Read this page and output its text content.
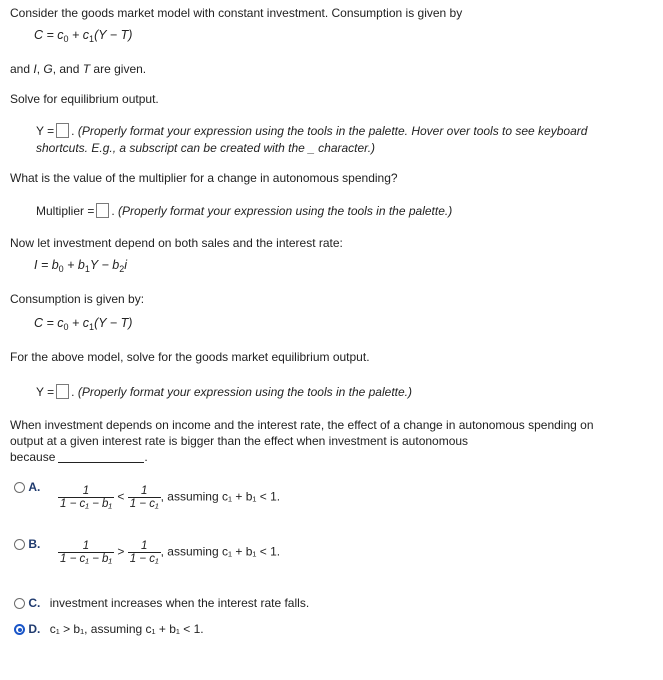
Consider the goods market model with constant investment. Consumption is given by
$C = c_0 + c_1(Y - T)$
and I, G, and T are given.
Solve for equilibrium output.
Y = . (Properly format your expression using the tools in the palette. Hover over tools to see keyboard
shortcuts. E.g., a subscript can be created with the _ character.)
What is the value of the multiplier for a change in autonomous spending?
Multiplier = . (Properly format your expression using the tools in the palette.)
Now let investment depend on both sales and the interest rate:
$I = b_0 + b_1Y - b_2i$
Consumption is given by:
$C = c_0 + c_1(Y - T)$
For the above model, solve for the goods market equilibrium output.
Y = . (Properly format your expression using the tools in the palette.)
When investment depends on income and the interest rate, the effect of a change in autonomous spending on
output at a given interest rate is bigger than the effect when investment is autonomous
because	.
A. $\frac{1}{\text{1 − c₁ − b₁}} < \frac{1}{\text{1 − c₁}}$ , assuming c₁ + b₁ < 1.
B. $\frac{1}{\text{1 − c₁ − b₁}} > \frac{1}{\text{1 − c₁}}$ , assuming c₁ + b₁ < 1.
C. investment increases when the interest rate falls.
D. c₁ > b₁, assuming c₁ + b₁ < 1.
